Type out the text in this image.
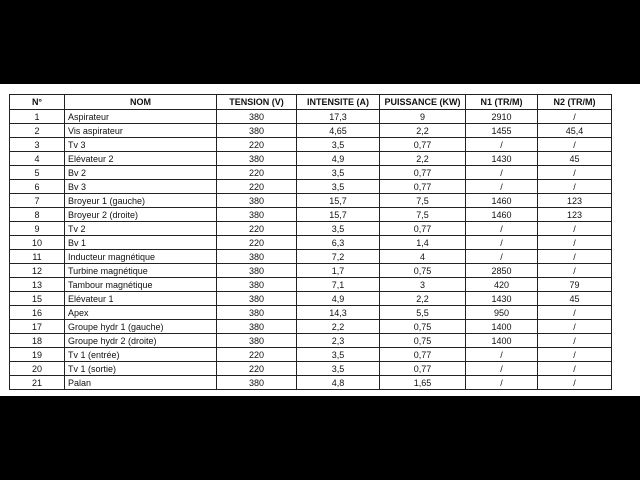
N°	NOM	TENSION (V)	INTENSITE (A)	PUISSANCE (KW)	N1 (TR/M)	N2 (TR/M)
1	Aspirateur	380	17,3	9	2910	/
2	Vis aspirateur	380	4,65	2,2	1455	45,4
3	Tv 3	220	3,5	0,77	/	/
4	Elévateur 2	380	4,9	2,2	1430	45
5	Bv 2	220	3,5	0,77	/	/
6	Bv 3	220	3,5	0,77	/	/
7	Broyeur 1 (gauche)	380	15,7	7,5	1460	123
8	Broyeur 2 (droite)	380	15,7	7,5	1460	123
9	Tv 2	220	3,5	0,77	/	/
10	Bv 1	220	6,3	1,4	/	/
11	Inducteur magnétique	380	7,2	4	/	/
12	Turbine magnétique	380	1,7	0,75	2850	/
13	Tambour magnétique	380	7,1	3	420	79
15	Elévateur 1	380	4,9	2,2	1430	45
16	Apex	380	14,3	5,5	950	/
17	Groupe hydr 1 (gauche)	380	2,2	0,75	1400	/
18	Groupe hydr 2 (droite)	380	2,3	0,75	1400	/
19	Tv 1 (entrée)	220	3,5	0,77	/	/
20	Tv 1 (sortie)	220	3,5	0,77	/	/
21	Palan	380	4,8	1,65	/	/
